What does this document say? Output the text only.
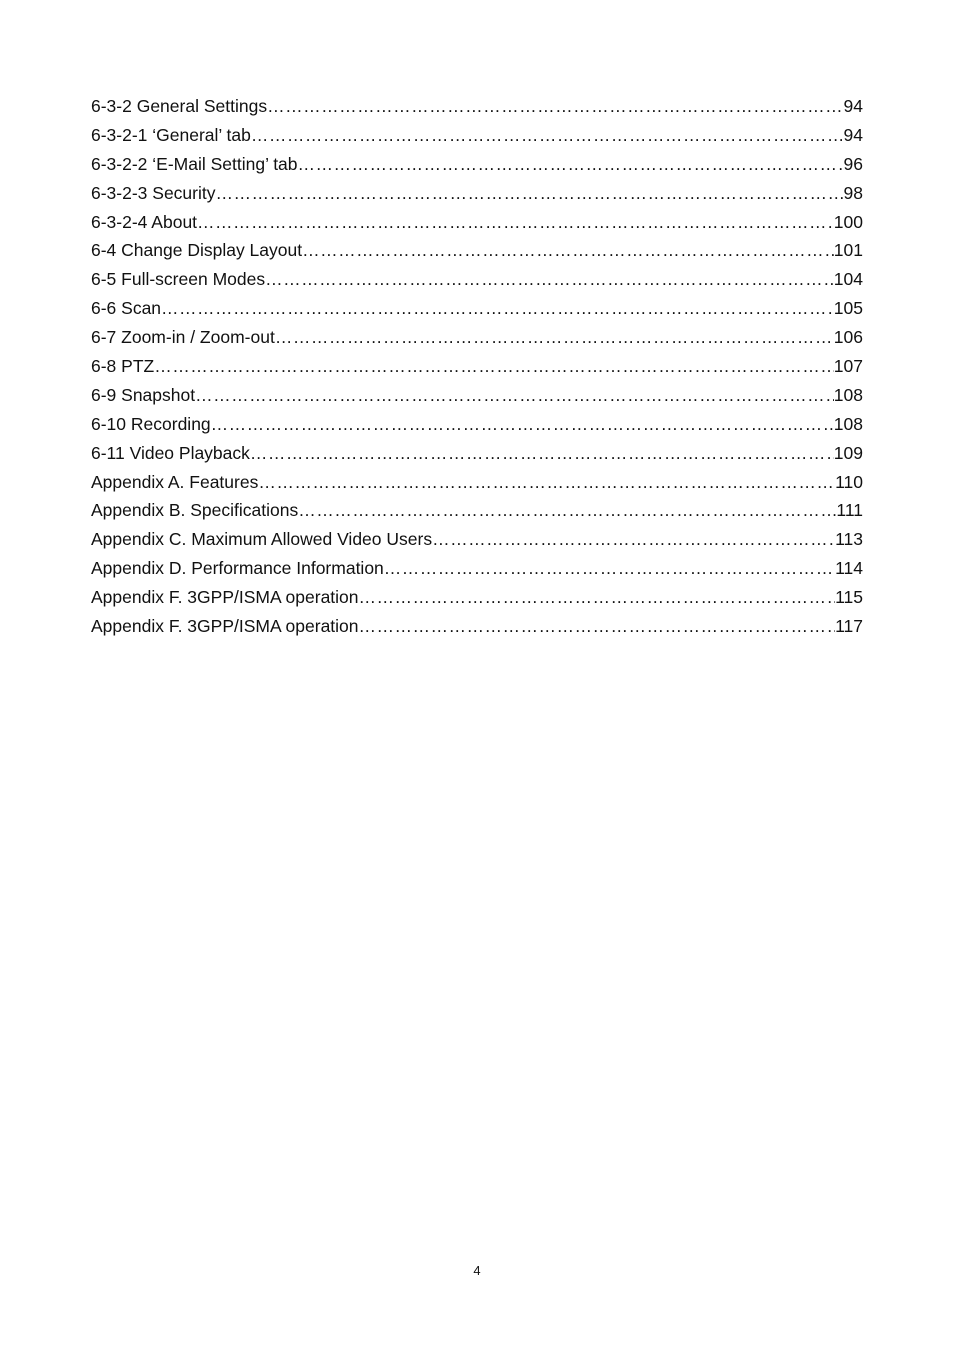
6-3-2 General Settings ……………………………………………………………………………………………………………………………………………………………………	94
6-3-2-1 ‘General’ tab ……………………………………………………………………………………………………………………………………………………………………	94
6-3-2-2 ‘E-Mail Setting’ tab ……………………………………………………………………………………………………………………………………………………………………	96
6-3-2-3 Security ……………………………………………………………………………………………………………………………………………………………………	98
6-3-2-4 About ……………………………………………………………………………………………………………………………………………………………………	100
6-4 Change Display Layout ……………………………………………………………………………………………………………………………………………………………………	101
6-5 Full-screen Modes ……………………………………………………………………………………………………………………………………………………………………	104
6-6 Scan ……………………………………………………………………………………………………………………………………………………………………	105
6-7 Zoom-in / Zoom-out ……………………………………………………………………………………………………………………………………………………………………	106
6-8 PTZ ……………………………………………………………………………………………………………………………………………………………………	107
6-9 Snapshot ……………………………………………………………………………………………………………………………………………………………………	108
6-10 Recording ……………………………………………………………………………………………………………………………………………………………………	108
6-11 Video Playback ……………………………………………………………………………………………………………………………………………………………………	109
Appendix A. Features ……………………………………………………………………………………………………………………………………………………………………	110
Appendix B. Specifications ……………………………………………………………………………………………………………………………………………………………………	111
Appendix C. Maximum Allowed Video Users ……………………………………………………………………………………………………………………………………………………………………	113
Appendix D. Performance Information ……………………………………………………………………………………………………………………………………………………………………	114
Appendix F. 3GPP/ISMA operation ……………………………………………………………………………………………………………………………………………………………………	115
Appendix F. 3GPP/ISMA operation ……………………………………………………………………………………………………………………………………………………………………	117
4
